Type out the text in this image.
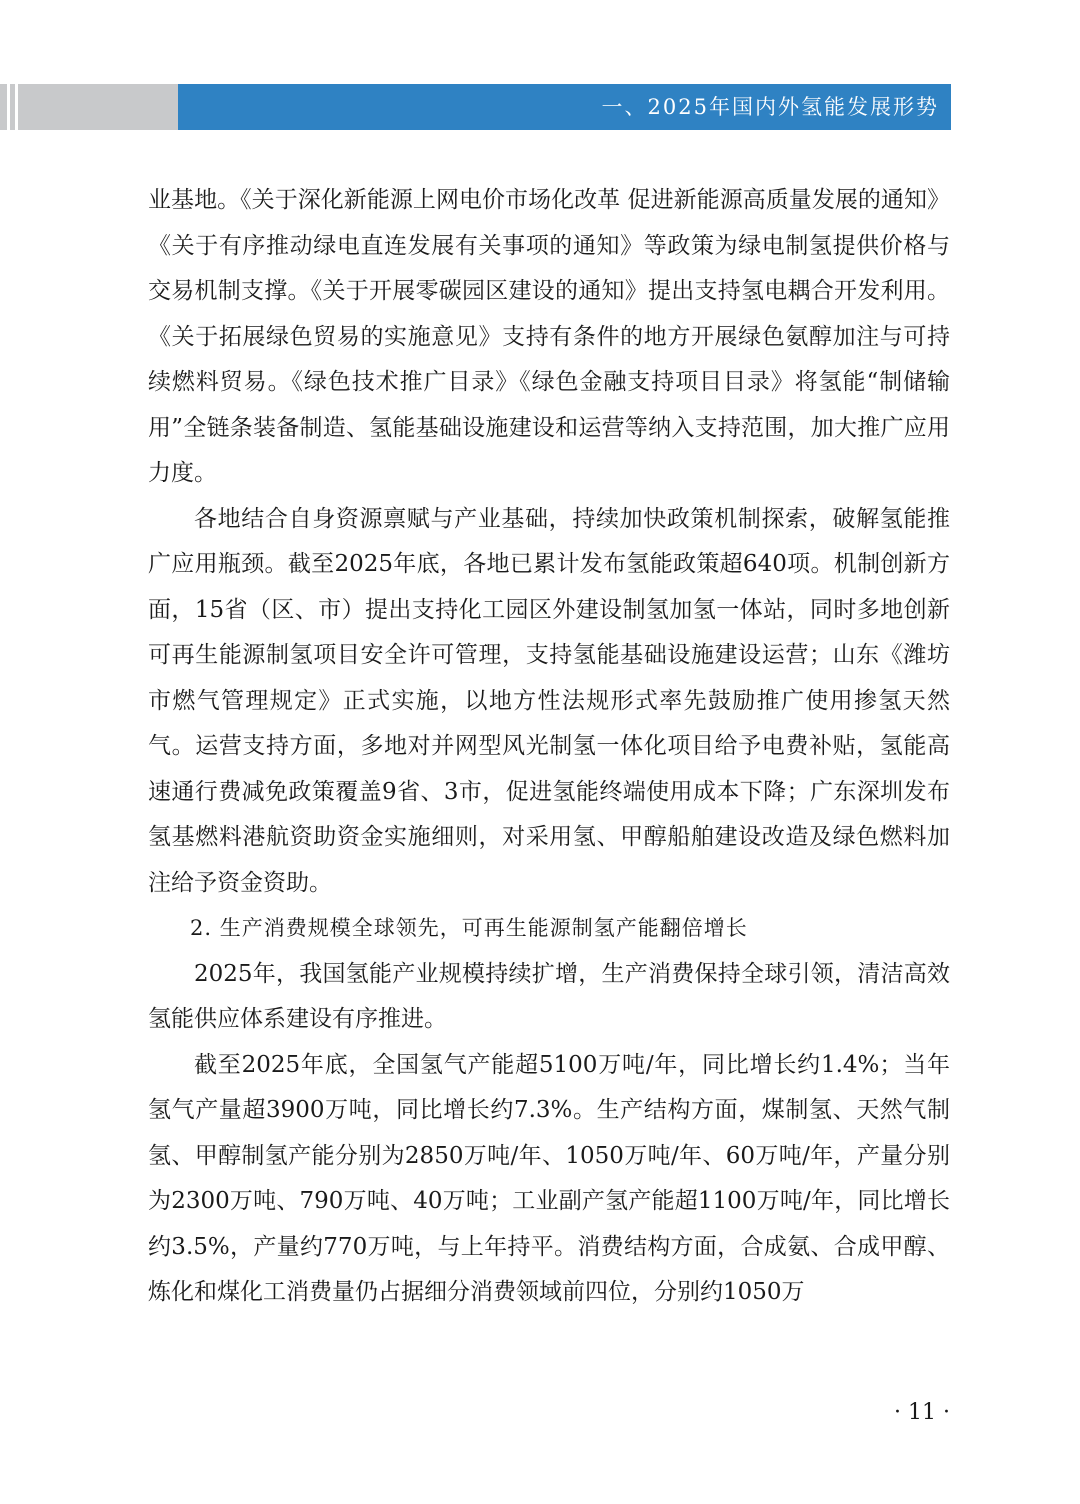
一、2025年国内外氢能发展形势

业基地。《关于深化新能源上网电价市场化改革 促进新能源高质量发展的通知》《关于有序推动绿电直连发展有关事项的通知》等政策为绿电制氢提供价格与交易机制支撑。《关于开展零碳园区建设的通知》提出支持氢电耦合开发利用。《关于拓展绿色贸易的实施意见》支持有条件的地方开展绿色氨醇加注与可持续燃料贸易。《绿色技术推广目录》《绿色金融支持项目目录》将氢能“制储输用”全链条装备制造、氢能基础设施建设和运营等纳入支持范围，加大推广应用力度。

各地结合自身资源禀赋与产业基础，持续加快政策机制探索，破解氢能推广应用瓶颈。截至2025年底，各地已累计发布氢能政策超640项。机制创新方面，15省（区、市）提出支持化工园区外建设制氢加氢一体站，同时多地创新可再生能源制氢项目安全许可管理，支持氢能基础设施建设运营；山东《潍坊市燃气管理规定》正式实施，以地方性法规形式率先鼓励推广使用掺氢天然气。运营支持方面，多地对并网型风光制氢一体化项目给予电费补贴，氢能高速通行费减免政策覆盖9省、3市，促进氢能终端使用成本下降；广东深圳发布氢基燃料港航资助资金实施细则，对采用氢、甲醇船舶建设改造及绿色燃料加注给予资金资助。

2. 生产消费规模全球领先，可再生能源制氢产能翻倍增长

2025年，我国氢能产业规模持续扩增，生产消费保持全球引领，清洁高效氢能供应体系建设有序推进。

截至2025年底，全国氢气产能超5100万吨/年，同比增长约1.4%；当年氢气产量超3900万吨，同比增长约7.3%。生产结构方面，煤制氢、天然气制氢、甲醇制氢产能分别为2850万吨/年、1050万吨/年、60万吨/年，产量分别为2300万吨、790万吨、40万吨；工业副产氢产能超1100万吨/年，同比增长约3.5%，产量约770万吨，与上年持平。消费结构方面，合成氨、合成甲醇、炼化和煤化工消费量仍占据细分消费领域前四位，分别约1050万

· 11 ·
